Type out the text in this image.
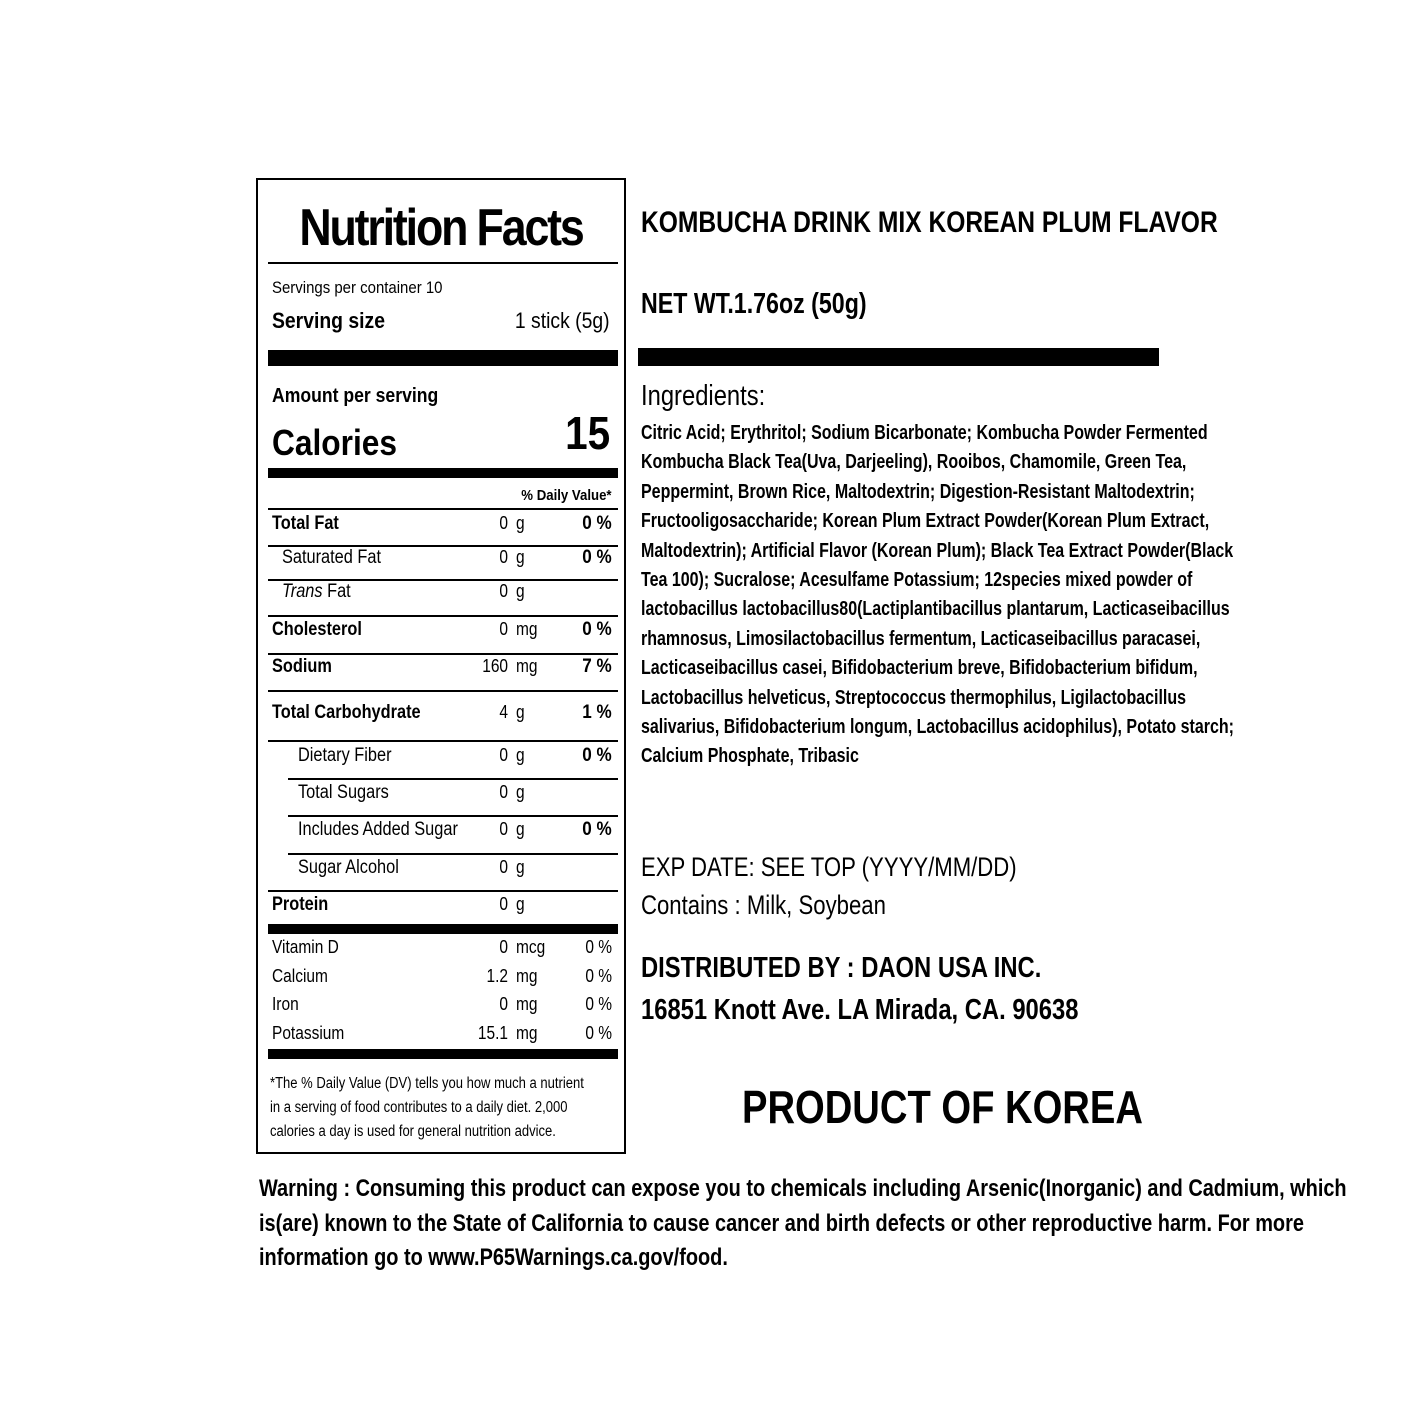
Nutrition Facts
Servings per container 10
Serving size	1 stick (5g)
Amount per serving
Calories	15
% Daily Value*
Total Fat	0 g	0 %
Saturated Fat	0 g	0 %
Trans Fat	0 g
Cholesterol	0 mg 0 %
Sodium	160 mg 7 %
Total Carbohydrate	4 g	1 %
Dietary Fiber	0 g	0 %
Total Sugars	0 g
Includes Added Sugar 0 g	0 %
Sugar Alcohol	0 g
Protein	0 g
Vitamin D	0 mcg 0 %
Calcium	1.2 mg	0 %
Iron	0 mg	0 %
Potassium	15.1 mg	0 %
*The % Daily Value (DV) tells you how much a nutrient
in a serving of food contributes to a daily diet. 2,000
calories a day is used for general nutrition advice.
KOMBUCHA DRINK MIX KOREAN PLUM FLAVOR
NET WT.1.76oz (50g)
Ingredients:
Citric Acid; Erythritol; Sodium Bicarbonate; Kombucha Powder Fermented
Kombucha Black Tea(Uva, Darjeeling), Rooibos, Chamomile, Green Tea,
Peppermint, Brown Rice, Maltodextrin; Digestion-Resistant Maltodextrin;
Fructooligosaccharide; Korean Plum Extract Powder(Korean Plum Extract,
Maltodextrin); Artificial Flavor (Korean Plum); Black Tea Extract Powder(Black
Tea 100); Sucralose; Acesulfame Potassium; 12species mixed powder of
lactobacillus lactobacillus80(Lactiplantibacillus plantarum, Lacticaseibacillus
rhamnosus, Limosilactobacillus fermentum, Lacticaseibacillus paracasei,
Lacticaseibacillus casei, Bifidobacterium breve, Bifidobacterium bifidum,
Lactobacillus helveticus, Streptococcus thermophilus, Ligilactobacillus
salivarius, Bifidobacterium longum, Lactobacillus acidophilus), Potato starch;
Calcium Phosphate, Tribasic
EXP DATE: SEE TOP (YYYY/MM/DD)
Contains : Milk, Soybean
DISTRIBUTED BY : DAON USA INC.
16851 Knott Ave. LA Mirada, CA. 90638
PRODUCT OF KOREA
Warning : Consuming this product can expose you to chemicals including Arsenic(Inorganic) and Cadmium, which
is(are) known to the State of California to cause cancer and birth defects or other reproductive harm. For more
information go to www.P65Warnings.ca.gov/food.
